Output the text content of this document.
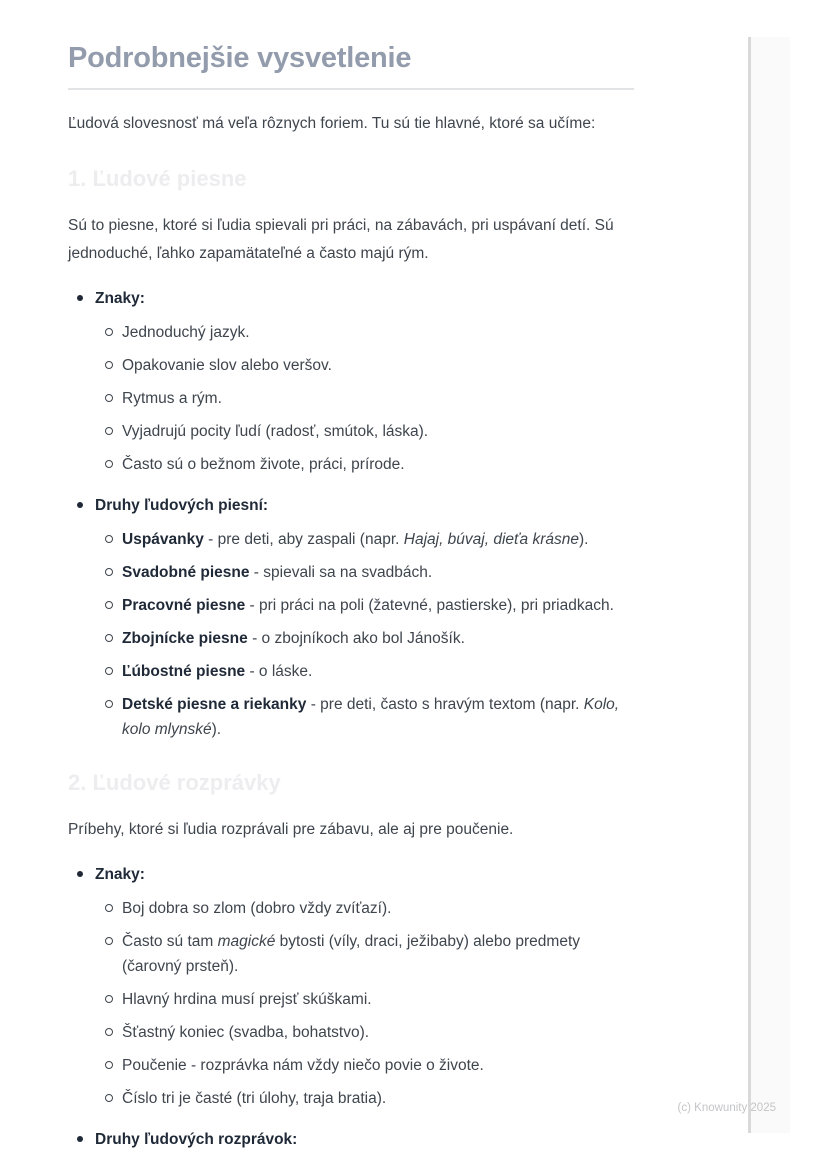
Podrobnejšie vysvetlenie

Ľudová slovesnosť má veľa rôznych foriem. Tu sú tie hlavné, ktoré sa učíme:

1. Ľudové piesne

Sú to piesne, ktoré si ľudia spievali pri práci, na zábavách, pri uspávaní detí. Sú jednoduché, ľahko zapamätateľné a často majú rým.

Znaky:
Jednoduchý jazyk.
Opakovanie slov alebo veršov.
Rytmus a rým.
Vyjadrujú pocity ľudí (radosť, smútok, láska).
Často sú o bežnom živote, práci, prírode.
Druhy ľudových piesní:
Uspávanky - pre deti, aby zaspali (napr. Hajaj, búvaj, dieťa krásne).
Svadobné piesne - spievali sa na svadbách.
Pracovné piesne - pri práci na poli (žatevné, pastierske), pri priadkach.
Zbojnícke piesne - o zbojníkoch ako bol Jánošík.
Ľúbostné piesne - o láske.
Detské piesne a riekanky - pre deti, často s hravým textom (napr. Kolo, kolo mlynské).
2. Ľudové rozprávky

Príbehy, ktoré si ľudia rozprávali pre zábavu, ale aj pre poučenie.

Znaky:
Boj dobra so zlom (dobro vždy zvíťazí).
Často sú tam magické bytosti (víly, draci, ježibaby) alebo predmety (čarovný prsteň).
Hlavný hrdina musí prejsť skúškami.
Šťastný koniec (svadba, bohatstvo).
Poučenie - rozprávka nám vždy niečo povie o živote.
Číslo tri je časté (tri úlohy, traja bratia).
Druhy ľudových rozprávok:
(c) Knowunity 2025
